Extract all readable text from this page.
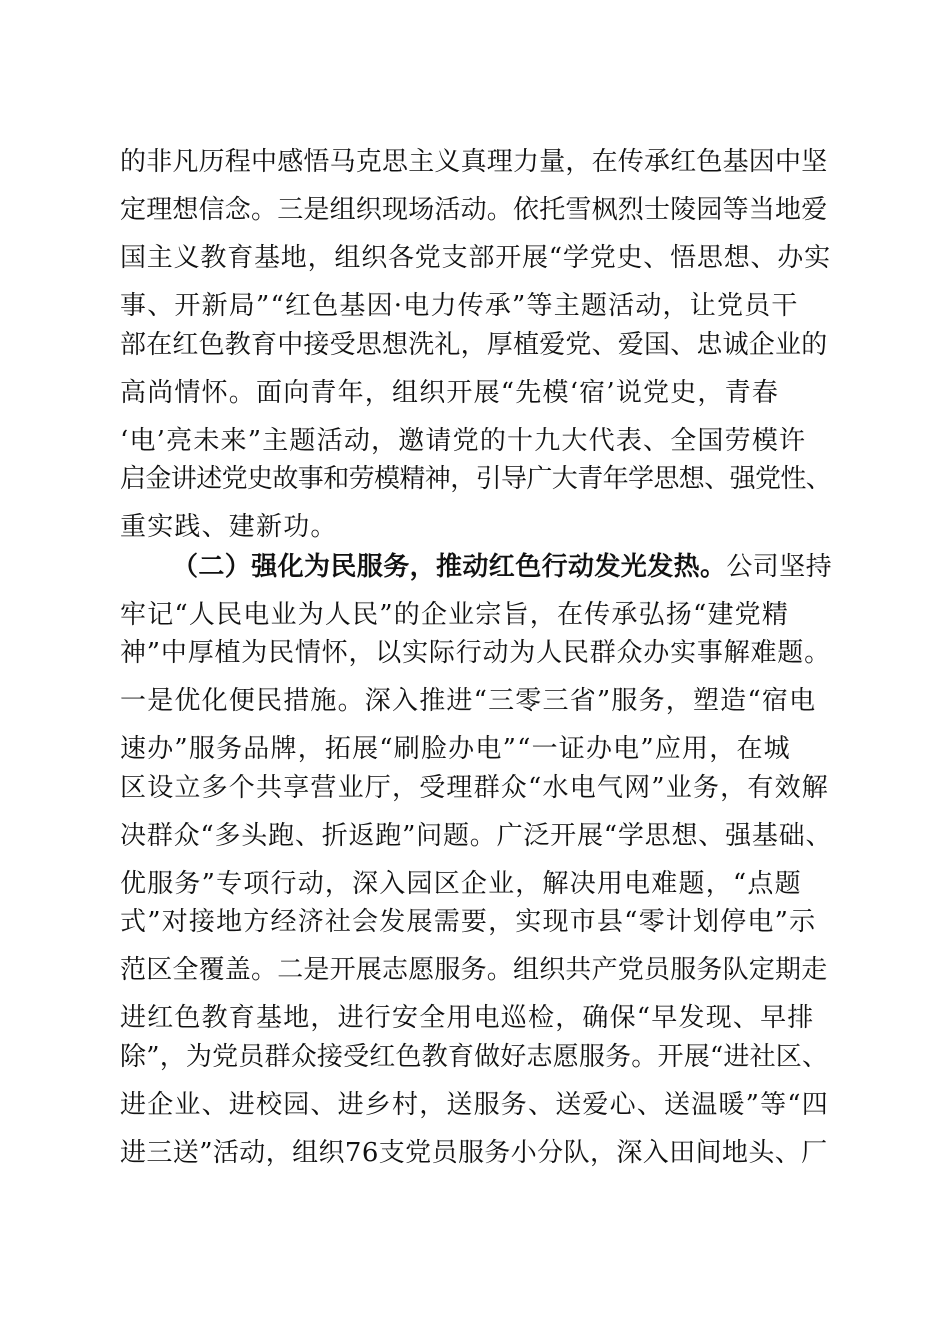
的非凡历程中感悟马克思主义真理力量，在传承红色基因中坚
定理想信念。三是组织现场活动。依托雪枫烈士陵园等当地爱
国主义教育基地，组织各党支部开展“学党史、悟思想、办实
事、开新局”“红色基因·电力传承”等主题活动，让党员干
部在红色教育中接受思想洗礼，厚植爱党、爱国、忠诚企业的
高尚情怀。面向青年，组织开展“先模‘宿’说党史，青春
‘电’亮未来”主题活动，邀请党的十九大代表、全国劳模许
启金讲述党史故事和劳模精神，引导广大青年学思想、强党性、
重实践、建新功。
（二）强化为民服务，推动红色行动发光发热。公司坚持
牢记“人民电业为人民”的企业宗旨，在传承弘扬“建党精
神”中厚植为民情怀，以实际行动为人民群众办实事解难题。
一是优化便民措施。深入推进“三零三省”服务，塑造“宿电
速办”服务品牌，拓展“刷脸办电”“一证办电”应用，在城
区设立多个共享营业厅，受理群众“水电气网”业务，有效解
决群众“多头跑、折返跑”问题。广泛开展“学思想、强基础、
优服务”专项行动，深入园区企业，解决用电难题，“点题
式”对接地方经济社会发展需要，实现市县“零计划停电”示
范区全覆盖。二是开展志愿服务。组织共产党员服务队定期走
进红色教育基地，进行安全用电巡检，确保“早发现、早排
除”，为党员群众接受红色教育做好志愿服务。开展“进社区、
进企业、进校园、进乡村，送服务、送爱心、送温暖”等“四
进三送”活动，组织76支党员服务小分队，深入田间地头、厂
